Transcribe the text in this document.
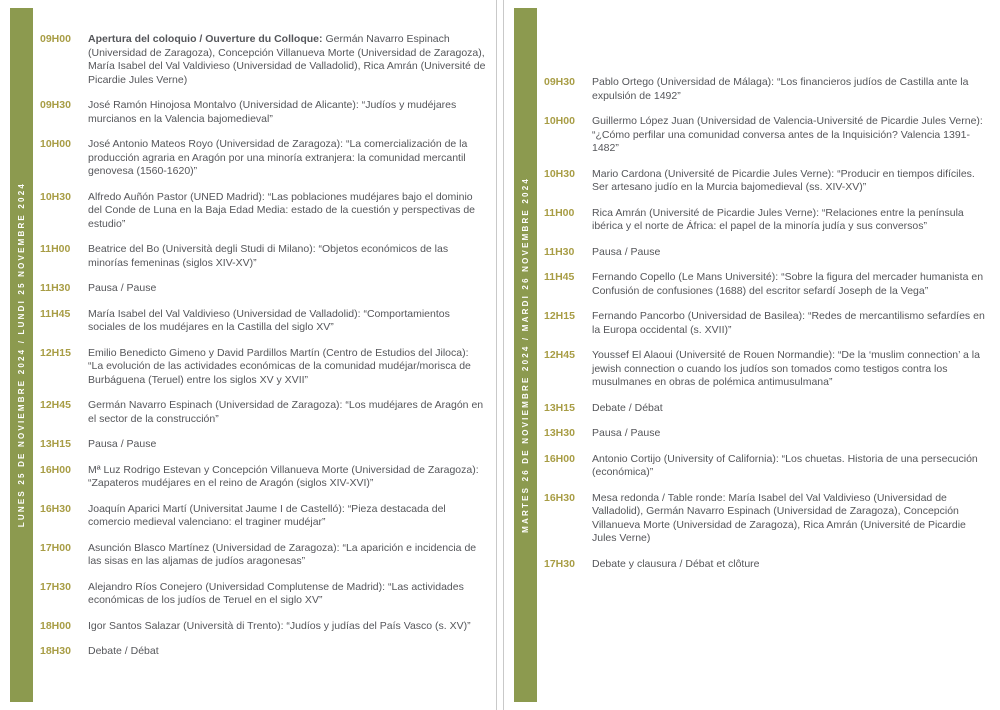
LUNES 25 DE NOVIEMBRE 2024 / LUNDI 25 NOVEMBRE 2024
09H00	Apertura del coloquio / Ouverture du Colloque: Germán Navarro Espinach (Universidad de Zaragoza), Concepción Villanueva Morte (Universidad de Zaragoza), María Isabel del Val Valdivieso (Universidad de Valladolid), Rica Amrán (Université de Picardie Jules Verne)

09H30	José Ramón Hinojosa Montalvo (Universidad de Alicante): “Judíos y mudéjares murcianos en la Valencia bajomedieval”

10H00	José Antonio Mateos Royo (Universidad de Zaragoza): “La comercialización de la producción agraria en Aragón por una minoría extranjera: la comunidad mercantil genovesa (1560-1620)”

10H30	Alfredo Auñón Pastor (UNED Madrid): “Las poblaciones mudéjares bajo el dominio del Conde de Luna en la Baja Edad Media: estado de la cuestión y perspectivas de estudio”

11H00	Beatrice del Bo (Università degli Studi di Milano): “Objetos económicos de las minorías femeninas (siglos XIV-XV)”

11H30	Pausa / Pause

11H45	María Isabel del Val Valdivieso (Universidad de Valladolid): “Comportamientos sociales de los mudéjares en la Castilla del siglo XV”

12H15	Emilio Benedicto Gimeno y David Pardillos Martín (Centro de Estudios del Jiloca): “La evolución de las actividades económicas de la comunidad mudéjar/morisca de Burbáguena (Teruel) entre los siglos XV y XVII”

12H45	Germán Navarro Espinach (Universidad de Zaragoza): “Los mudéjares de Aragón en el sector de la construcción”

13H15	Pausa / Pause

16H00	Mª Luz Rodrigo Estevan y Concepción Villanueva Morte (Universidad de Zaragoza): “Zapateros mudéjares en el reino de Aragón (siglos XIV-XVI)”

16H30	Joaquín Aparici Martí (Universitat Jaume I de Castelló): “Pieza destacada del comercio medieval valenciano: el traginer mudéjar”

17H00	Asunción Blasco Martínez (Universidad de Zaragoza): “La aparición e incidencia de las sisas en las aljamas de judíos aragonesas”

17H30	Alejandro Ríos Conejero (Universidad Complutense de Madrid): “Las actividades económicas de los judíos de Teruel en el siglo XV”

18H00	Igor Santos Salazar (Università di Trento): “Judíos y judías del País Vasco (s. XV)”

18H30	Debate / Débat

MARTES 26 DE NOVIEMBRE 2024 / MARDI 26 NOVEMBRE 2024
09H30	Pablo Ortego (Universidad de Málaga): “Los financieros judíos de Castilla ante la expulsión de 1492”

10H00	Guillermo López Juan (Universidad de Valencia-Université de Picardie Jules Verne): “¿Cómo perfilar una comunidad conversa antes de la Inquisición? Valencia 1391-1482”

10H30	Mario Cardona (Université de Picardie Jules Verne): “Producir en tiempos difíciles. Ser artesano judío en la Murcia bajomedieval (ss. XIV-XV)”

11H00	Rica Amrán (Université de Picardie Jules Verne): “Relaciones entre la península ibérica y el norte de África: el papel de la minoría judía y sus conversos”

11H30	Pausa / Pause

11H45	Fernando Copello (Le Mans Université): “Sobre la figura del mercader humanista en Confusión de confusiones (1688) del escritor sefardí Joseph de la Vega”

12H15	Fernando Pancorbo (Universidad de Basilea): “Redes de mercantilismo sefardíes en la Europa occidental (s. XVII)”

12H45	Youssef El Alaoui (Université de Rouen Normandie): “De la ‘muslim connection’ a la jewish connection o cuando los judíos son tomados como testigos contra los musulmanes en obras de polémica antimusulmana”

13H15	Debate / Débat

13H30	Pausa / Pause

16H00	Antonio Cortijo (University of California): “Los chuetas. Historia de una persecución (económica)”

16H30	Mesa redonda / Table ronde: María Isabel del Val Valdivieso (Universidad de Valladolid), Germán Navarro Espinach (Universidad de Zaragoza), Concepción Villanueva Morte (Universidad de Zaragoza), Rica Amrán (Université de Picardie Jules Verne)

17H30	Debate y clausura / Débat et clôture
